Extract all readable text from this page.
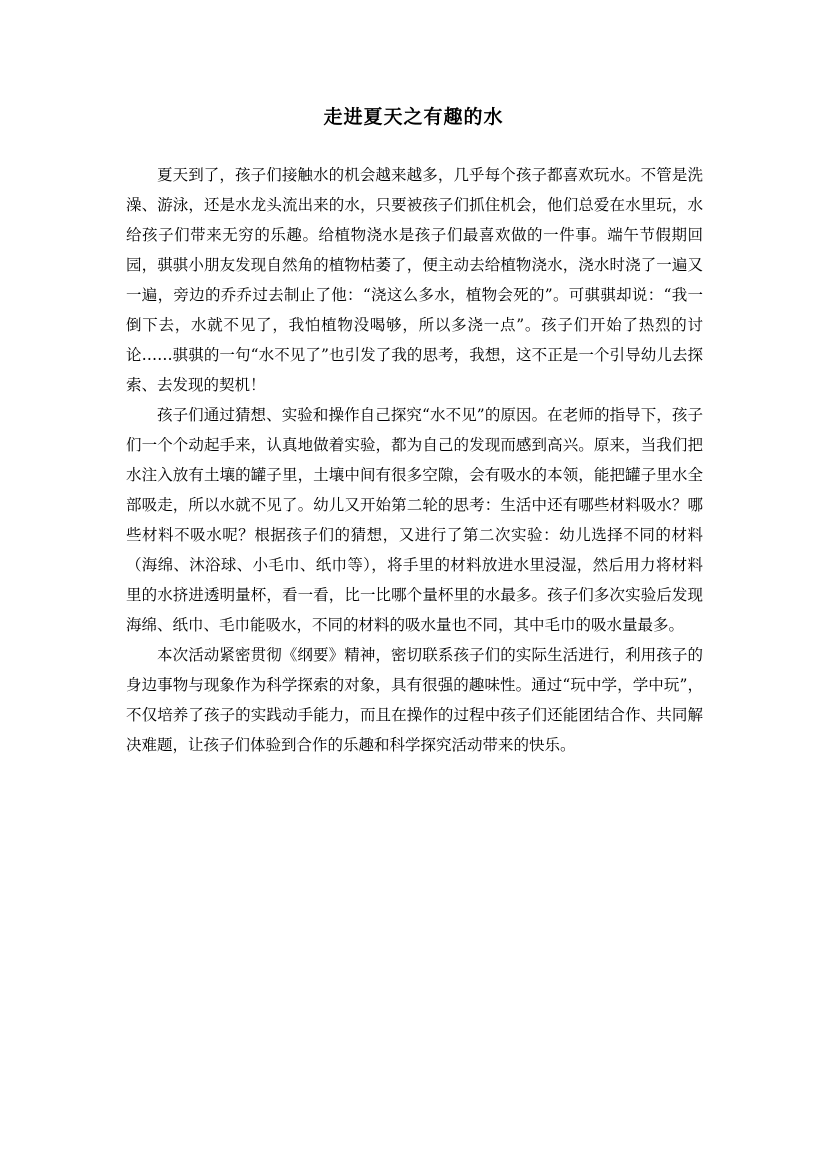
走进夏天之有趣的水

夏天到了，孩子们接触水的机会越来越多，几乎每个孩子都喜欢玩水。不管是洗澡、游泳，还是水龙头流出来的水，只要被孩子们抓住机会，他们总爱在水里玩，水给孩子们带来无穷的乐趣。给植物浇水是孩子们最喜欢做的一件事。端午节假期回园，骐骐小朋友发现自然角的植物枯萎了，便主动去给植物浇水，浇水时浇了一遍又一遍，旁边的乔乔过去制止了他：“浇这么多水，植物会死的”。可骐骐却说：“我一倒下去，水就不见了，我怕植物没喝够，所以多浇一点”。孩子们开始了热烈的讨论……骐骐的一句“水不见了”也引发了我的思考，我想，这不正是一个引导幼儿去探索、去发现的契机！

孩子们通过猜想、实验和操作自己探究“水不见”的原因。在老师的指导下，孩子们一个个动起手来，认真地做着实验，都为自己的发现而感到高兴。原来，当我们把水注入放有土壤的罐子里，土壤中间有很多空隙，会有吸水的本领，能把罐子里水全部吸走，所以水就不见了。幼儿又开始第二轮的思考：生活中还有哪些材料吸水？哪些材料不吸水呢？根据孩子们的猜想，又进行了第二次实验：幼儿选择不同的材料（海绵、沐浴球、小毛巾、纸巾等），将手里的材料放进水里浸湿，然后用力将材料里的水挤进透明量杯，看一看，比一比哪个量杯里的水最多。孩子们多次实验后发现海绵、纸巾、毛巾能吸水，不同的材料的吸水量也不同，其中毛巾的吸水量最多。

本次活动紧密贯彻《纲要》精神，密切联系孩子们的实际生活进行，利用孩子的身边事物与现象作为科学探索的对象，具有很强的趣味性。通过“玩中学，学中玩”，不仅培养了孩子的实践动手能力，而且在操作的过程中孩子们还能团结合作、共同解决难题，让孩子们体验到合作的乐趣和科学探究活动带来的快乐。
